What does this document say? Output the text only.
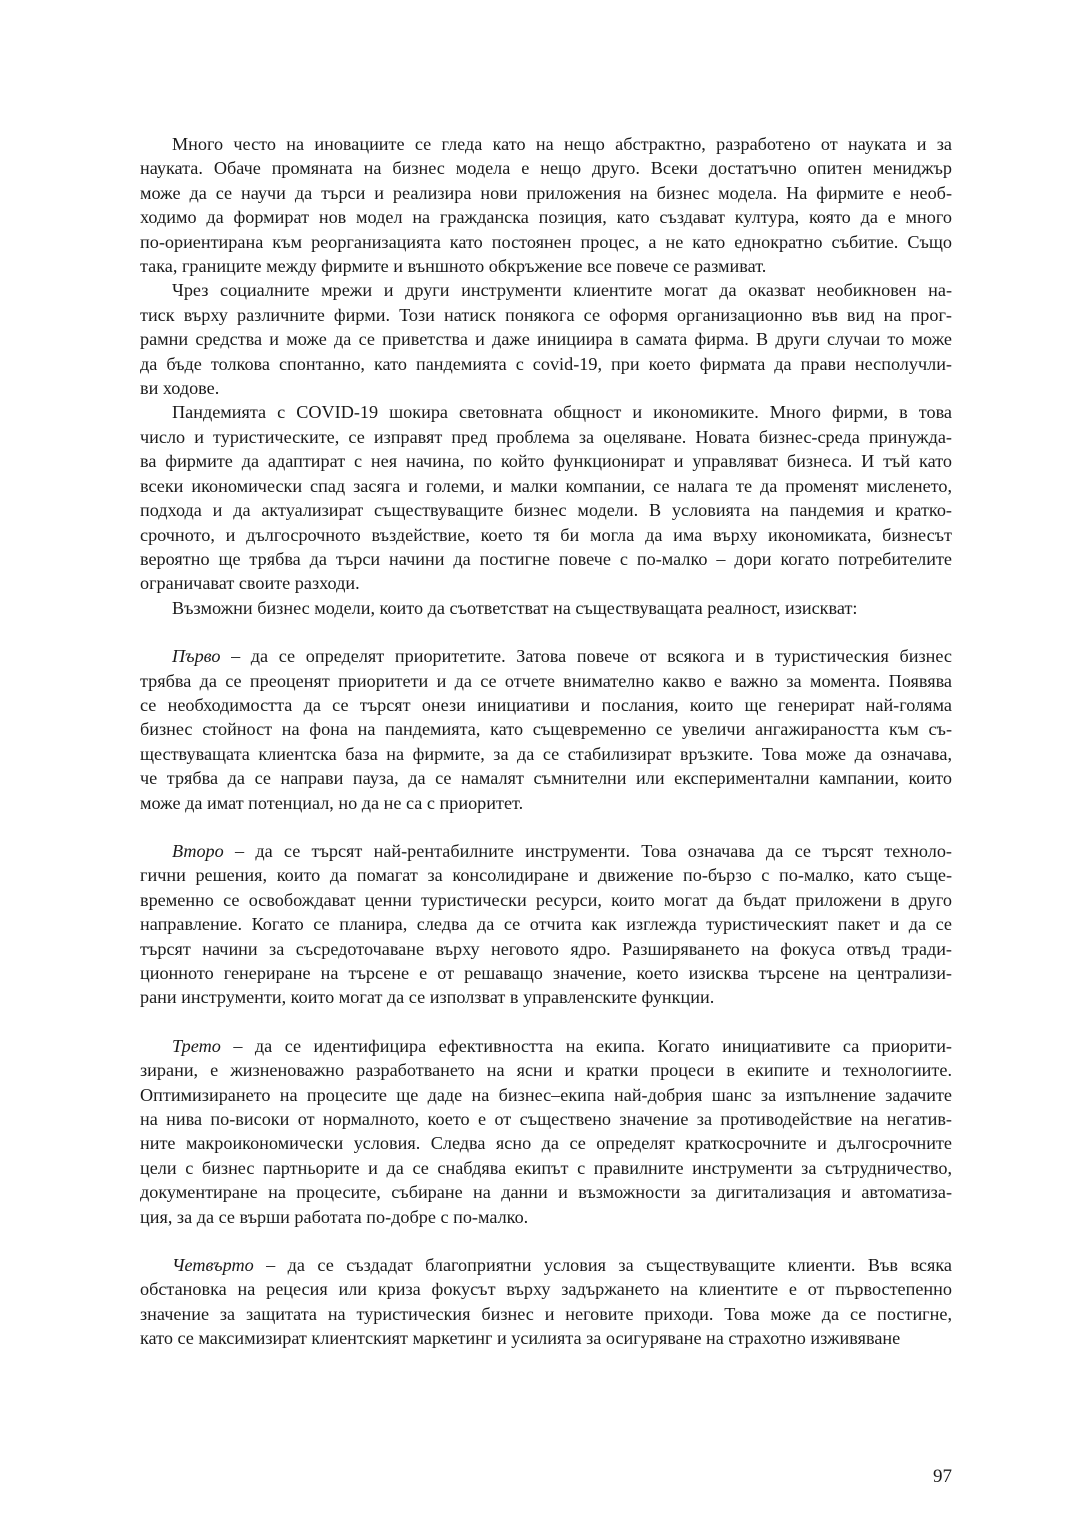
Много често на иновациите се гледа като на нещо абстрактно, разработено от науката и за
науката. Обаче промяната на бизнес модела е нещо друго. Всеки достатъчно опитен мениджър
може да се научи да търси и реализира нови приложения на бизнес модела. На фирмите е необ-
ходимо да формират нов модел на гражданска позиция, като създават култура, която да е много
по-ориентирана към реорганизацията като постоянен процес, а не като еднократно събитие. Също
така, границите между фирмите и външното обкръжение все повече се размиват.
Чрез социалните мрежи и други инструменти клиентите могат да оказват необикновен на-
тиск върху различните фирми. Този натиск понякога се оформя организационно във вид на прог-
рамни средства и може да се приветства и даже инициира в самата фирма. В други случаи то може
да бъде толкова спонтанно, като пандемията с covid-19, при което фирмата да прави несполучли-
ви ходове.
Пандемията с COVID-19 шокира световната общност и икономиките. Много фирми, в това
число и туристическите, се изправят пред проблема за оцеляване. Новата бизнес-среда принужда-
ва фирмите да адаптират с нея начина, по който функционират и управляват бизнеса. И тъй като
всеки икономически спад засяга и големи, и малки компании, се налага те да променят мисленето,
подхода и да актуализират съществуващите бизнес модели. В условията на пандемия и кратко-
срочното, и дългосрочното въздействие, което тя би могла да има върху икономиката, бизнесът
вероятно ще трябва да търси начини да постигне повече с по-малко – дори когато потребителите
ограничават своите разходи.
Възможни бизнес модели, които да съответстват на съществуващата реалност, изискват:
Първо – да се определят приоритетите. Затова повече от всякога и в туристическия бизнес
трябва да се преоценят приоритети и да се отчете внимателно какво е важно за момента. Появява
се необходимостта да се търсят онези инициативи и послания, които ще генерират най-голяма
бизнес стойност на фона на пандемията, като същевременно се увеличи ангажираността към съ-
ществуващата клиентска база на фирмите, за да се стабилизират връзките. Това може да означава,
че трябва да се направи пауза, да се намалят съмнителни или експериментални кампании, които
може да имат потенциал, но да не са с приоритет.
Второ – да се търсят най-рентабилните инструменти. Това означава да се търсят техноло-
гични решения, които да помагат за консолидиране и движение по-бързо с по-малко, като съще-
временно се освобождават ценни туристически ресурси, които могат да бъдат приложени в друго
направление. Когато се планира, следва да се отчита как изглежда туристическият пакет и да се
търсят начини за съсредоточаване върху неговото ядро. Разширяването на фокуса отвъд тради-
ционното генериране на търсене е от решаващо значение, което изисква търсене на централизи-
рани инструменти, които могат да се използват в управленските функции.
Трето – да се идентифицира ефективността на екипа. Когато инициативите са приорити-
зирани, е жизненоважно разработването на ясни и кратки процеси в екипите и технологиите.
Оптимизирането на процесите ще даде на бизнес–екипа най-добрия шанс за изпълнение задачите
на нива по-високи от нормалното, което е от съществено значение за противодействие на негатив-
ните макроикономически условия. Следва ясно да се определят краткосрочните и дългосрочните
цели с бизнес партньорите и да се снабдява екипът с правилните инструменти за сътрудничество,
документиране на процесите, събиране на данни и възможности за дигитализация и автоматиза-
ция, за да се върши работата по-добре с по-малко.
Четвърто – да се създадат благоприятни условия за съществуващите клиенти. Във всяка
обстановка на рецесия или криза фокусът върху задържането на клиентите е от първостепенно
значение за защитата на туристическия бизнес и неговите приходи. Това може да се постигне,
като се максимизират клиентският маркетинг и усилията за осигуряване на страхотно изживяване
97
